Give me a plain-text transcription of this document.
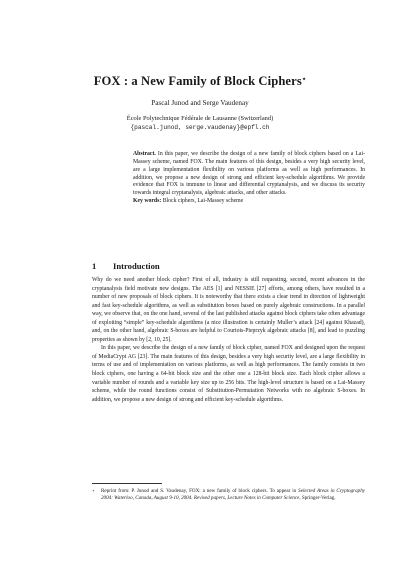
FOX : a New Family of Block Ciphers⋆
Pascal Junod and Serge Vaudenay
École Polytechnique Fédérale de Lausanne (Switzerland)
{pascal.junod, serge.vaudenay}@epfl.ch
Abstract. In this paper, we describe the design of a new family of block ciphers based on a Lai-Massey scheme, named FOX. The main features of this design, besides a very high security level, are a large implementation flexibility on various platforms as well as high performances. In addition, we propose a new design of strong and efficient key-schedule algorithms. We provide evidence that FOX is immune to linear and differential cryptanalysis, and we discuss its security towards integral cryptanalysis, algebraic attacks, and other attacks.
Key words: Block ciphers, Lai-Massey scheme
1 Introduction

Why do we need another block cipher? First of all, industry is still requesting, second, recent advances in the cryptanalysis field motivate new designs. The AES [1] and NESSIE [27] efforts, among others, have resulted in a number of new proposals of block ciphers. It is noteworthy that there exists a clear trend in direction of lightweight and fast key-schedule algorithms, as well as substitution boxes based on purely algebraic constructions. In a parallel way, we observe that, on the one hand, several of the last published attacks against block ciphers take often advantage of exploiting “simple” key-schedule algorithms (a nice illustration is certainly Muller’s attack [24] against Khazad), and, on the other hand, algebraic S-boxes are helpful to Courtois-Pieprzyk algebraic attacks [8], and lead to puzzling properties as shown by [2, 10, 25].

In this paper, we describe the design of a new family of block cipher, named FOX and designed upon the request of MediaCrypt AG [23]. The main features of this design, besides a very high security level, are a large flexibility in terms of use and of implementation on various platforms, as well as high performances. The family consists in two block ciphers, one having a 64-bit block size and the other one a 128-bit block size. Each block cipher allows a variable number of rounds and a variable key size up to 256 bits. The high-level structure is based on a Lai-Massey scheme, while the round functions consist of Substitution-Permutation Networks with no algebraic S-boxes. In addition, we propose a new design of strong and efficient key-schedule algorithms.

⋆	Reprint from: P. Junod and S. Vaudenay, FOX: a new family of block ciphers. To appear in Selected Areas in Cryptography 2004: Waterloo, Canada, August 9-10, 2004. Revised papers, Lecture Notes in Computer Science, Springer-Verlag.
